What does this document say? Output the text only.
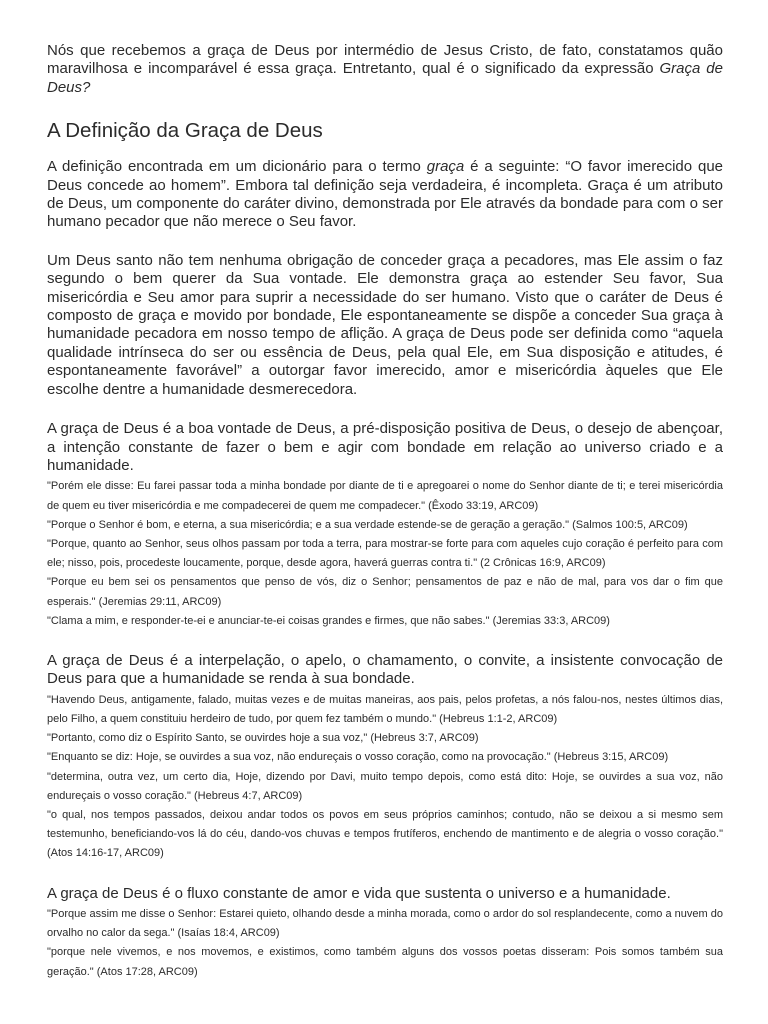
Nós que recebemos a graça de Deus por intermédio de Jesus Cristo, de fato, constatamos quão maravilhosa e incomparável é essa graça. Entretanto, qual é o significado da expressão Graça de Deus?

A Definição da Graça de Deus

A definição encontrada em um dicionário para o termo graça é a seguinte: “O favor imerecido que Deus concede ao homem”. Embora tal definição seja verdadeira, é incompleta. Graça é um atributo de Deus, um componente do caráter divino, demonstrada por Ele através da bondade para com o ser humano pecador que não merece o Seu favor.

Um Deus santo não tem nenhuma obrigação de conceder graça a pecadores, mas Ele assim o faz segundo o bem querer da Sua vontade. Ele demonstra graça ao estender Seu favor, Sua misericórdia e Seu amor para suprir a necessidade do ser humano. Visto que o caráter de Deus é composto de graça e movido por bondade, Ele espontaneamente se dispõe a conceder Sua graça à humanidade pecadora em nosso tempo de aflição. A graça de Deus pode ser definida como “aquela qualidade intrínseca do ser ou essência de Deus, pela qual Ele, em Sua disposição e atitudes, é espontaneamente favorável” a outorgar favor imerecido, amor e misericórdia àqueles que Ele escolhe dentre a humanidade desmerecedora.

A graça de Deus é a boa vontade de Deus, a pré-disposição positiva de Deus, o desejo de abençoar, a intenção constante de fazer o bem e agir com bondade em relação ao universo criado e a humanidade.

"Porém ele disse: Eu farei passar toda a minha bondade por diante de ti e apregoarei o nome do Senhor diante de ti; e terei misericórdia de quem eu tiver misericórdia e me compadecerei de quem me compadecer." (Êxodo 33:19, ARC09)

"Porque o Senhor é bom, e eterna, a sua misericórdia; e a sua verdade estende-se de geração a geração." (Salmos 100:5, ARC09)

"Porque, quanto ao Senhor, seus olhos passam por toda a terra, para mostrar-se forte para com aqueles cujo coração é perfeito para com ele; nisso, pois, procedeste loucamente, porque, desde agora, haverá guerras contra ti." (2 Crônicas 16:9, ARC09)

"Porque eu bem sei os pensamentos que penso de vós, diz o Senhor; pensamentos de paz e não de mal, para vos dar o fim que esperais." (Jeremias 29:11, ARC09)

"Clama a mim, e responder-te-ei e anunciar-te-ei coisas grandes e firmes, que não sabes." (Jeremias 33:3, ARC09)

A graça de Deus é a interpelação, o apelo, o chamamento, o convite, a insistente convocação de Deus para que a humanidade se renda à sua bondade.

"Havendo Deus, antigamente, falado, muitas vezes e de muitas maneiras, aos pais, pelos profetas, a nós falou-nos, nestes últimos dias, pelo Filho, a quem constituiu herdeiro de tudo, por quem fez também o mundo." (Hebreus 1:1-2, ARC09)

"Portanto, como diz o Espírito Santo, se ouvirdes hoje a sua voz," (Hebreus 3:7, ARC09)

"Enquanto se diz: Hoje, se ouvirdes a sua voz, não endureçais o vosso coração, como na provocação." (Hebreus 3:15, ARC09)

"determina, outra vez, um certo dia, Hoje, dizendo por Davi, muito tempo depois, como está dito: Hoje, se ouvirdes a sua voz, não endureçais o vosso coração." (Hebreus 4:7, ARC09)

"o qual, nos tempos passados, deixou andar todos os povos em seus próprios caminhos; contudo, não se deixou a si mesmo sem testemunho, beneficiando-vos lá do céu, dando-vos chuvas e tempos frutíferos, enchendo de mantimento e de alegria o vosso coração." (Atos 14:16-17, ARC09)

A graça de Deus é o fluxo constante de amor e vida que sustenta o universo e a humanidade.

"Porque assim me disse o Senhor: Estarei quieto, olhando desde a minha morada, como o ardor do sol resplandecente, como a nuvem do orvalho no calor da sega." (Isaías 18:4, ARC09)

"porque nele vivemos, e nos movemos, e existimos, como também alguns dos vossos poetas disseram: Pois somos também sua geração." (Atos 17:28, ARC09)
